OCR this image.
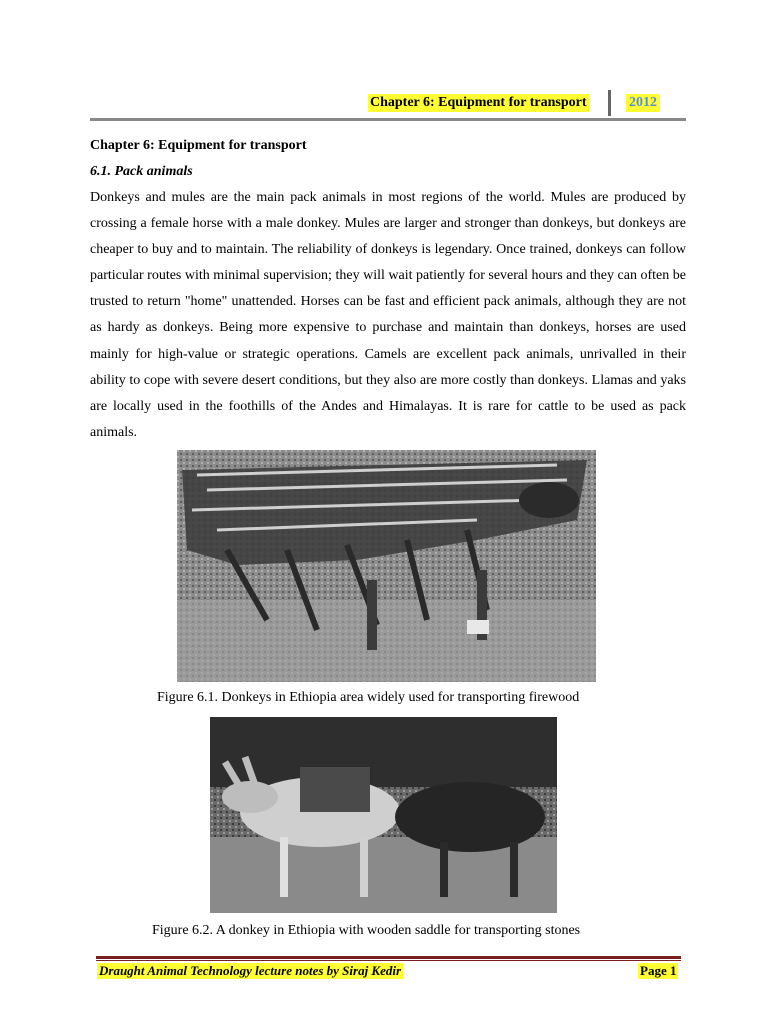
Chapter 6: Equipment for transport	2012
Chapter 6: Equipment for transport
6.1. Pack animals
Donkeys and mules are the main pack animals in most regions of the world. Mules are produced by crossing a female horse with a male donkey. Mules are larger and stronger than donkeys, but donkeys are cheaper to buy and to maintain. The reliability of donkeys is legendary. Once trained, donkeys can follow particular routes with minimal supervision; they will wait patiently for several hours and they can often be trusted to return "home" unattended. Horses can be fast and efficient pack animals, although they are not as hardy as donkeys. Being more expensive to purchase and maintain than donkeys, horses are used mainly for high-value or strategic operations. Camels are excellent pack animals, unrivalled in their ability to cope with severe desert conditions, but they also are more costly than donkeys. Llamas and yaks are locally used in the foothills of the Andes and Himalayas. It is rare for cattle to be used as pack animals.
Figure 6.1. Donkeys in Ethiopia area widely used for transporting firewood
Figure 6.2. A donkey in Ethiopia with wooden saddle for transporting stones
Draught Animal Technology lecture notes by Siraj Kedir	Page 1
